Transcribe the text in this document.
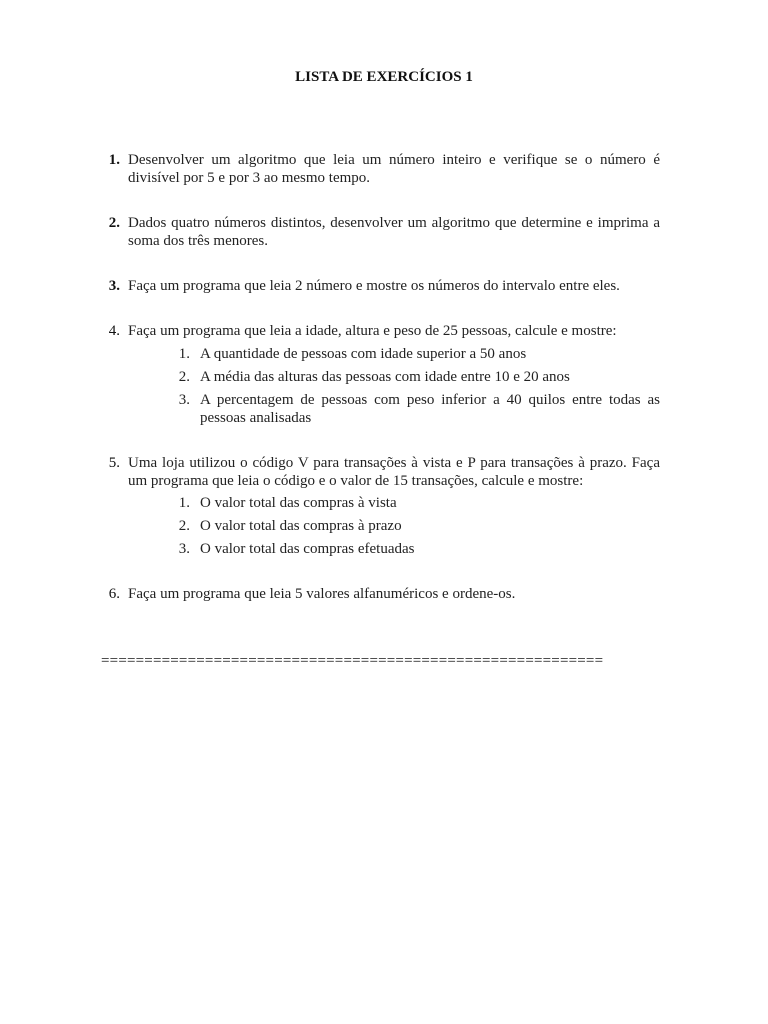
LISTA DE EXERCÍCIOS 1
1. Desenvolver um algoritmo que leia um número inteiro e verifique se o número é divisível por 5 e por 3 ao mesmo tempo.
2. Dados quatro números distintos, desenvolver um algoritmo que determine e imprima a soma dos três menores.
3. Faça um programa que leia 2 número e mostre os números do intervalo entre eles.
4. Faça um programa que leia a idade, altura e peso de 25 pessoas, calcule e mostre:
1. A quantidade de pessoas com idade superior a 50 anos
2. A média das alturas das pessoas com idade entre 10 e 20 anos
3. A percentagem de pessoas com peso inferior a 40 quilos entre todas as pessoas analisadas
5. Uma loja utilizou o código V para transações à vista e P para transações à prazo. Faça um programa que leia o código e o valor de 15 transações, calcule e mostre:
1. O valor total das compras à vista
2. O valor total das compras à prazo
3. O valor total das compras efetuadas
6. Faça um programa que leia 5 valores alfanuméricos e ordene-os.
==========================================================
